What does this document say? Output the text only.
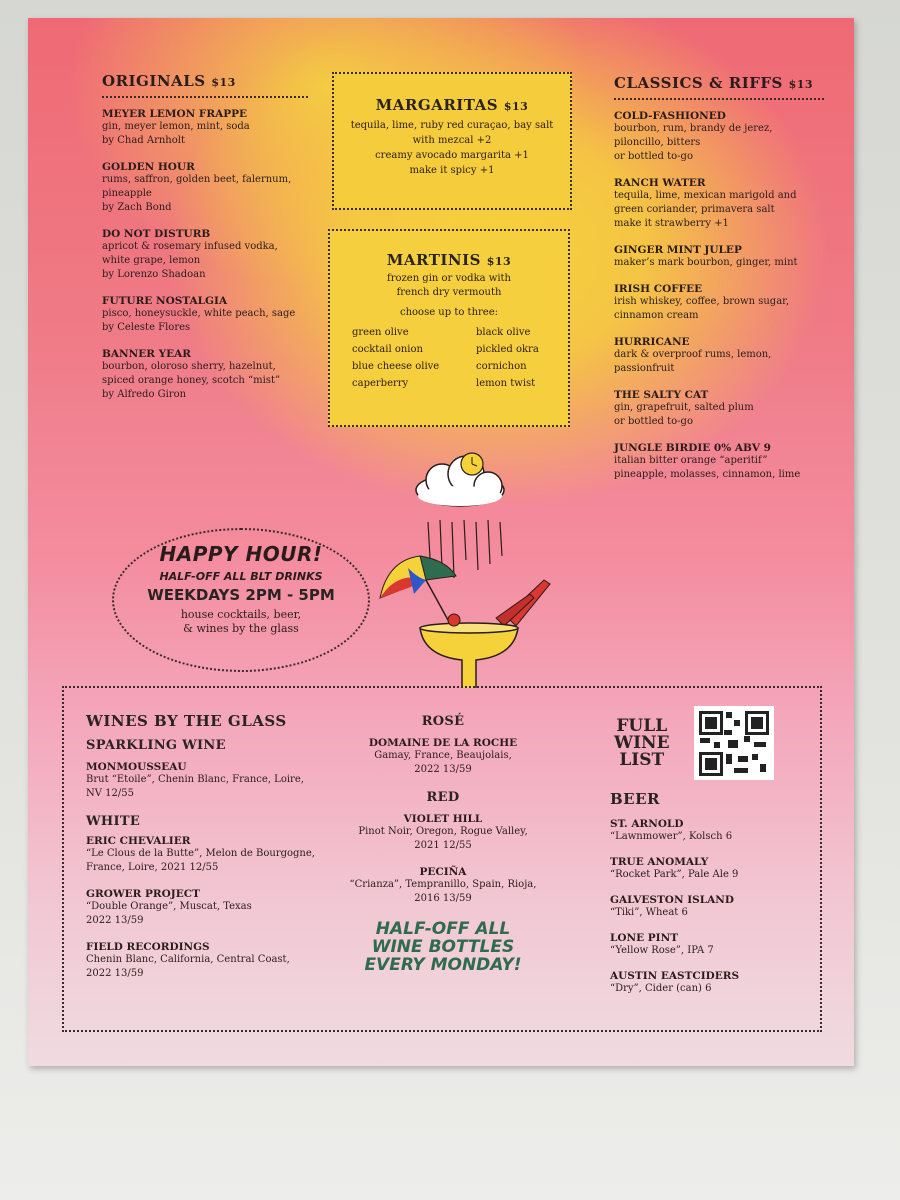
ORIGINALS $13
MEYER LEMON FRAPPE
gin, meyer lemon, mint, soda
by Chad Arnholt
GOLDEN HOUR
rums, saffron, golden beet, falernum,
pineapple
by Zach Bond
DO NOT DISTURB
apricot & rosemary infused vodka,
white grape, lemon
by Lorenzo Shadoan
FUTURE NOSTALGIA
pisco, honeysuckle, white peach, sage
by Celeste Flores
BANNER YEAR
bourbon, oloroso sherry, hazelnut,
spiced orange honey, scotch “mist”
by Alfredo Giron
MARGARITAS $13
tequila, lime, ruby red curaçao, bay salt
with mezcal +2
creamy avocado margarita +1
make it spicy +1
MARTINIS $13
frozen gin or vodka with
french dry vermouth
choose up to three:
green olive
cocktail onion
blue cheese olive
caperberry
black olive
pickled okra
cornichon
lemon twist
CLASSICS & RIFFS $13
COLD-FASHIONED
bourbon, rum, brandy de jerez,
piloncillo, bitters
or bottled to-go
RANCH WATER
tequila, lime, mexican marigold and
green coriander, primavera salt
make it strawberry +1
GINGER MINT JULEP
maker’s mark bourbon, ginger, mint
IRISH COFFEE
irish whiskey, coffee, brown sugar,
cinnamon cream
HURRICANE
dark & overproof rums, lemon,
passionfruit
THE SALTY CAT
gin, grapefruit, salted plum
or bottled to-go
JUNGLE BIRDIE 0% ABV 9
italian bitter orange “aperitif”
pineapple, molasses, cinnamon, lime
HAPPY HOUR!
HALF-OFF ALL BLT DRINKS
WEEKDAYS 2PM - 5PM
house cocktails, beer,
& wines by the glass
WINES BY THE GLASS
SPARKLING WINE
MONMOUSSEAU
Brut “Etoile”, Chenin Blanc, France, Loire,
NV 12/55
WHITE
ERIC CHEVALIER
“Le Clous de la Butte”, Melon de Bourgogne,
France, Loire, 2021 12/55
GROWER PROJECT
“Double Orange”, Muscat, Texas
2022 13/59
FIELD RECORDINGS
Chenin Blanc, California, Central Coast,
2022 13/59
ROSÉ
DOMAINE DE LA ROCHE
Gamay, France, Beaujolais,
2022 13/59
RED
VIOLET HILL
Pinot Noir, Oregon, Rogue Valley,
2021 12/55
PECIÑA
“Crianza”, Tempranillo, Spain, Rioja,
2016 13/59
HALF-OFF ALL
WINE BOTTLES
EVERY MONDAY!
FULL
WINE
LIST
BEER
ST. ARNOLD
“Lawnmower”, Kolsch 6
TRUE ANOMALY
“Rocket Park”, Pale Ale 9
GALVESTON ISLAND
“Tiki”, Wheat 6
LONE PINT
“Yellow Rose”, IPA 7
AUSTIN EASTCIDERS
“Dry”, Cider (can) 6
